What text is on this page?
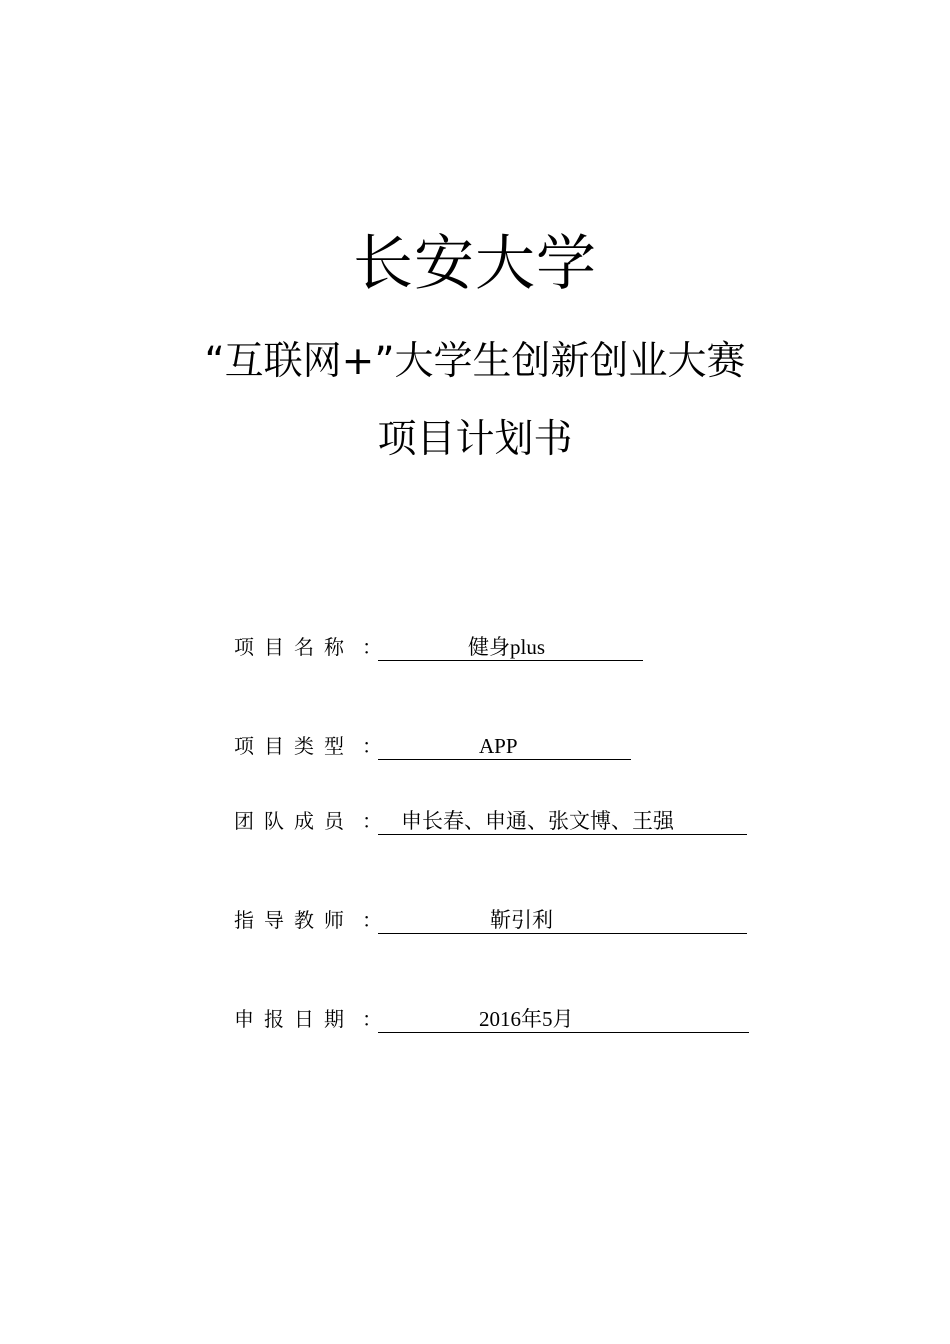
长安大学
“互联网+”大学生创新创业大赛
项目计划书
项目名称 ：	健身plus
项目类型 ：	APP
团队成员 ： 申长春、申通、张文博、王强
指导教师 ：	靳引利
申报日期 ：	2016年5月
